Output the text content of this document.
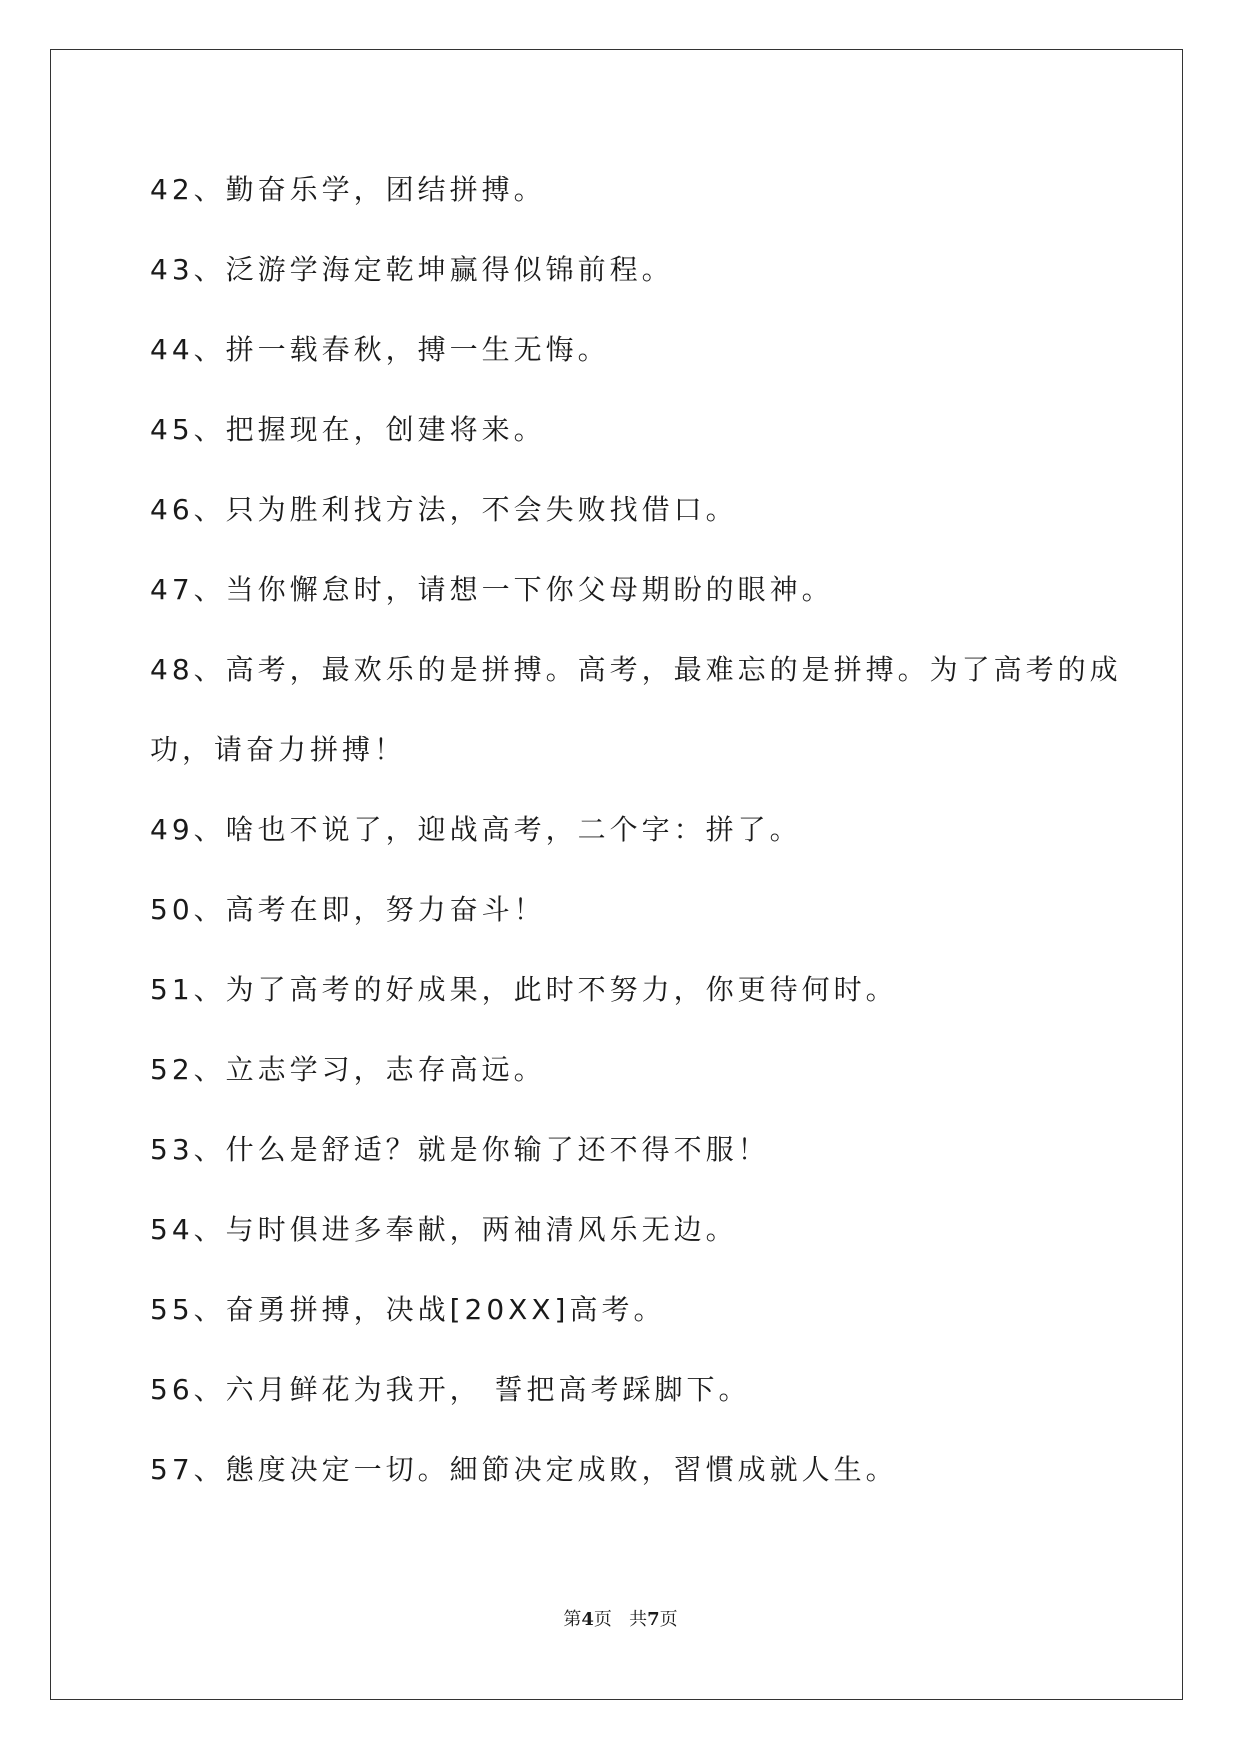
42、勤奋乐学，团结拼搏。
43、泛游学海定乾坤赢得似锦前程。
44、拼一载春秋，搏一生无悔。
45、把握现在，创建将来。
46、只为胜利找方法，不会失败找借口。
47、当你懈怠时，请想一下你父母期盼的眼神。
48、高考，最欢乐的是拼搏。高考，最难忘的是拼搏。为了高考的成
功，请奋力拼搏！
49、啥也不说了，迎战高考，二个字：拼了。
50、高考在即，努力奋斗！
51、为了高考的好成果，此时不努力，你更待何时。
52、立志学习，志存高远。
53、什么是舒适？就是你输了还不得不服！
54、与时俱进多奉献，两袖清风乐无边。
55、奋勇拼搏，决战[20XX]高考。
56、六月鲜花为我开， 誓把高考踩脚下。
57、態度决定一切。細節决定成敗，習慣成就人生。
第4页 共7页
